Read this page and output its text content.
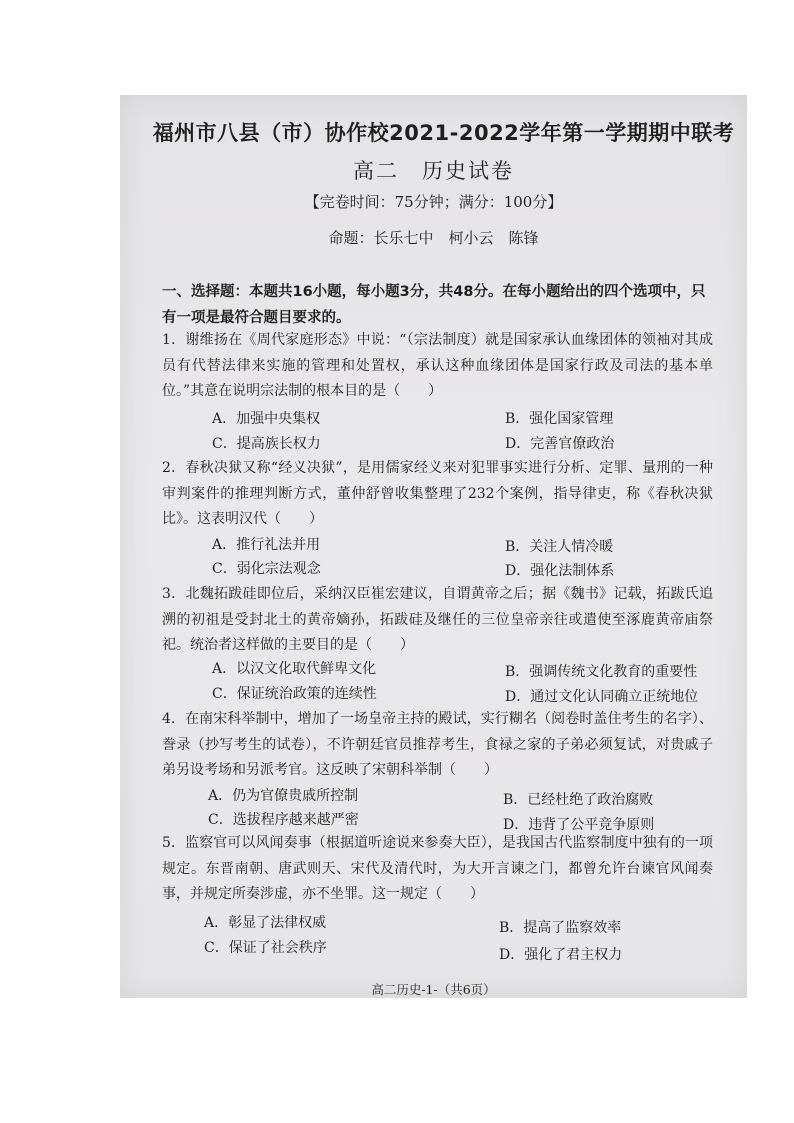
福州市八县（市）协作校2021-2022学年第一学期期中联考
高二　历史试卷
【完卷时间：75分钟；满分：100分】
命题：长乐七中　柯小云　陈锋
一、选择题：本题共16小题，每小题3分，共48分。在每小题给出的四个选项中，只有一项是最符合题目要求的。
1．谢维扬在《周代家庭形态》中说：“（宗法制度）就是国家承认血缘团体的领袖对其成员有代替法律来实施的管理和处置权，承认这种血缘团体是国家行政及司法的基本单位。”其意在说明宗法制的根本目的是（　　）
A．加强中央集权	B．强化国家管理
C．提高族长权力	D．完善官僚政治
2．春秋决狱又称“经义决狱”，是用儒家经义来对犯罪事实进行分析、定罪、量刑的一种审判案件的推理判断方式，董仲舒曾收集整理了232个案例，指导律吏，称《春秋决狱比》。这表明汉代（　　）
A．推行礼法并用	B．关注人情冷暖
C．弱化宗法观念	D．强化法制体系
3．北魏拓跋硅即位后，采纳汉臣崔宏建议，自谓黄帝之后；据《魏书》记载，拓跋氏追溯的初祖是受封北土的黄帝嫡孙，拓跋硅及继任的三位皇帝亲往或遣使至涿鹿黄帝庙祭祀。统治者这样做的主要目的是（　　）
A．以汉文化取代鲜卑文化	B．强调传统文化教育的重要性
C．保证统治政策的连续性	D．通过文化认同确立正统地位
4．在南宋科举制中，增加了一场皇帝主持的殿试，实行糊名（阅卷时盖住考生的名字）、誊录（抄写考生的试卷），不许朝廷官员推荐考生，食禄之家的子弟必须复试，对贵戚子弟另设考场和另派考官。这反映了宋朝科举制（　　）
A．仍为官僚贵戚所控制	B．已经杜绝了政治腐败
C．选拔程序越来越严密	D．违背了公平竞争原则
5．监察官可以风闻奏事（根据道听途说来参奏大臣），是我国古代监察制度中独有的一项规定。东晋南朝、唐武则天、宋代及清代时，为大开言谏之门，都曾允许台谏官风闻奏事，并规定所奏涉虚，亦不坐罪。这一规定（　　）
A．彰显了法律权威	B．提高了监察效率
C．保证了社会秩序	D．强化了君主权力
高二历史-1-（共6页）
